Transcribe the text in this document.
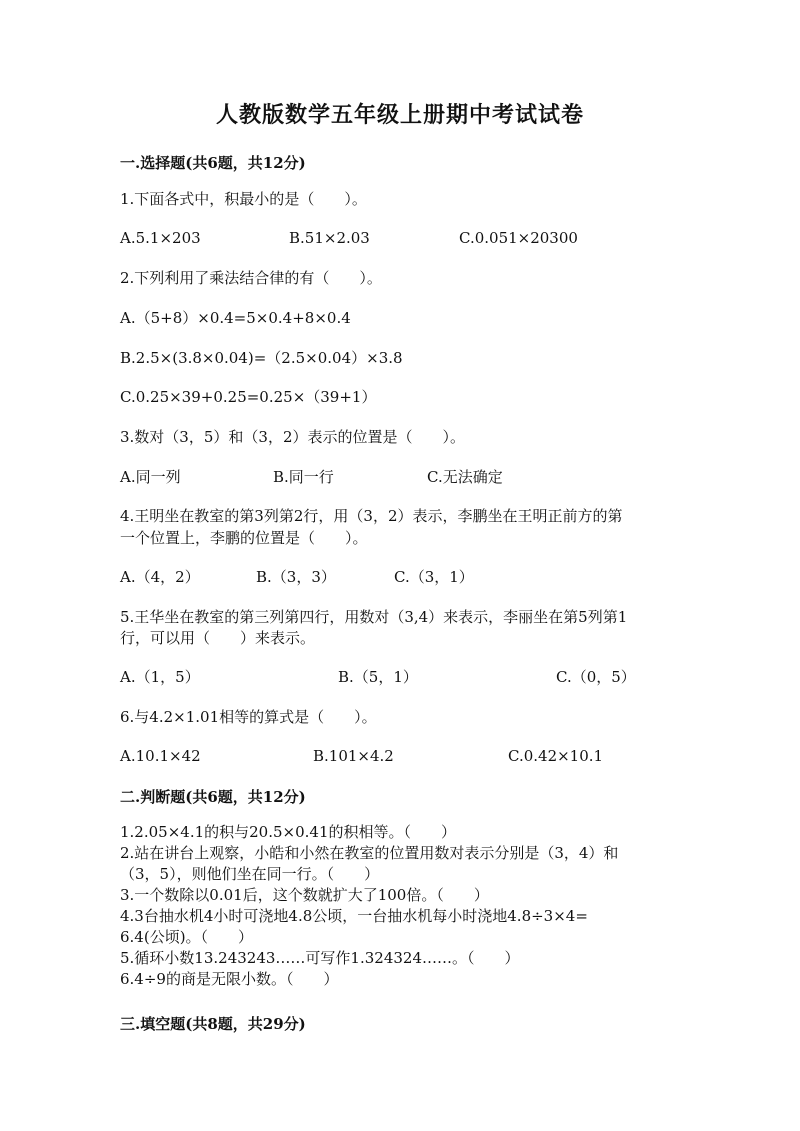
人教版数学五年级上册期中考试试卷
一.选择题(共6题，共12分)
1.下面各式中，积最小的是（　　）。
A.5.1×203	B.51×2.03	C.0.051×20300
2.下列利用了乘法结合律的有（　　）。
A.（5+8）×0.4=5×0.4+8×0.4
B.2.5×(3.8×0.04)=（2.5×0.04）×3.8
C.0.25×39+0.25=0.25×（39+1）
3.数对（3，5）和（3，2）表示的位置是（　　）。
A.同一列	B.同一行	C.无法确定
4.王明坐在教室的第3列第2行，用（3，2）表示，李鹏坐在王明正前方的第
一个位置上，李鹏的位置是（　　）。
A.（4，2）	B.（3，3）	C.（3，1）
5.王华坐在教室的第三列第四行，用数对（3,4）来表示，李丽坐在第5列第1
行，可以用（　　）来表示。
A.（1，5）	B.（5，1）	C.（0，5）
6.与4.2×1.01相等的算式是（　　）。
A.10.1×42	B.101×4.2	C.0.42×10.1
二.判断题(共6题，共12分)
1.2.05×4.1的积与20.5×0.41的积相等。（　　）
2.站在讲台上观察，小皓和小然在教室的位置用数对表示分别是（3，4）和
（3，5），则他们坐在同一行。（　　）
3.一个数除以0.01后，这个数就扩大了100倍。（　　）
4.3台抽水机4小时可浇地4.8公顷，一台抽水机每小时浇地4.8÷3×4=
6.4(公顷)。（　　）
5.循环小数13.243243……可写作1.324324……。（　　）
6.4÷9的商是无限小数。（　　）
三.填空题(共8题，共29分)
